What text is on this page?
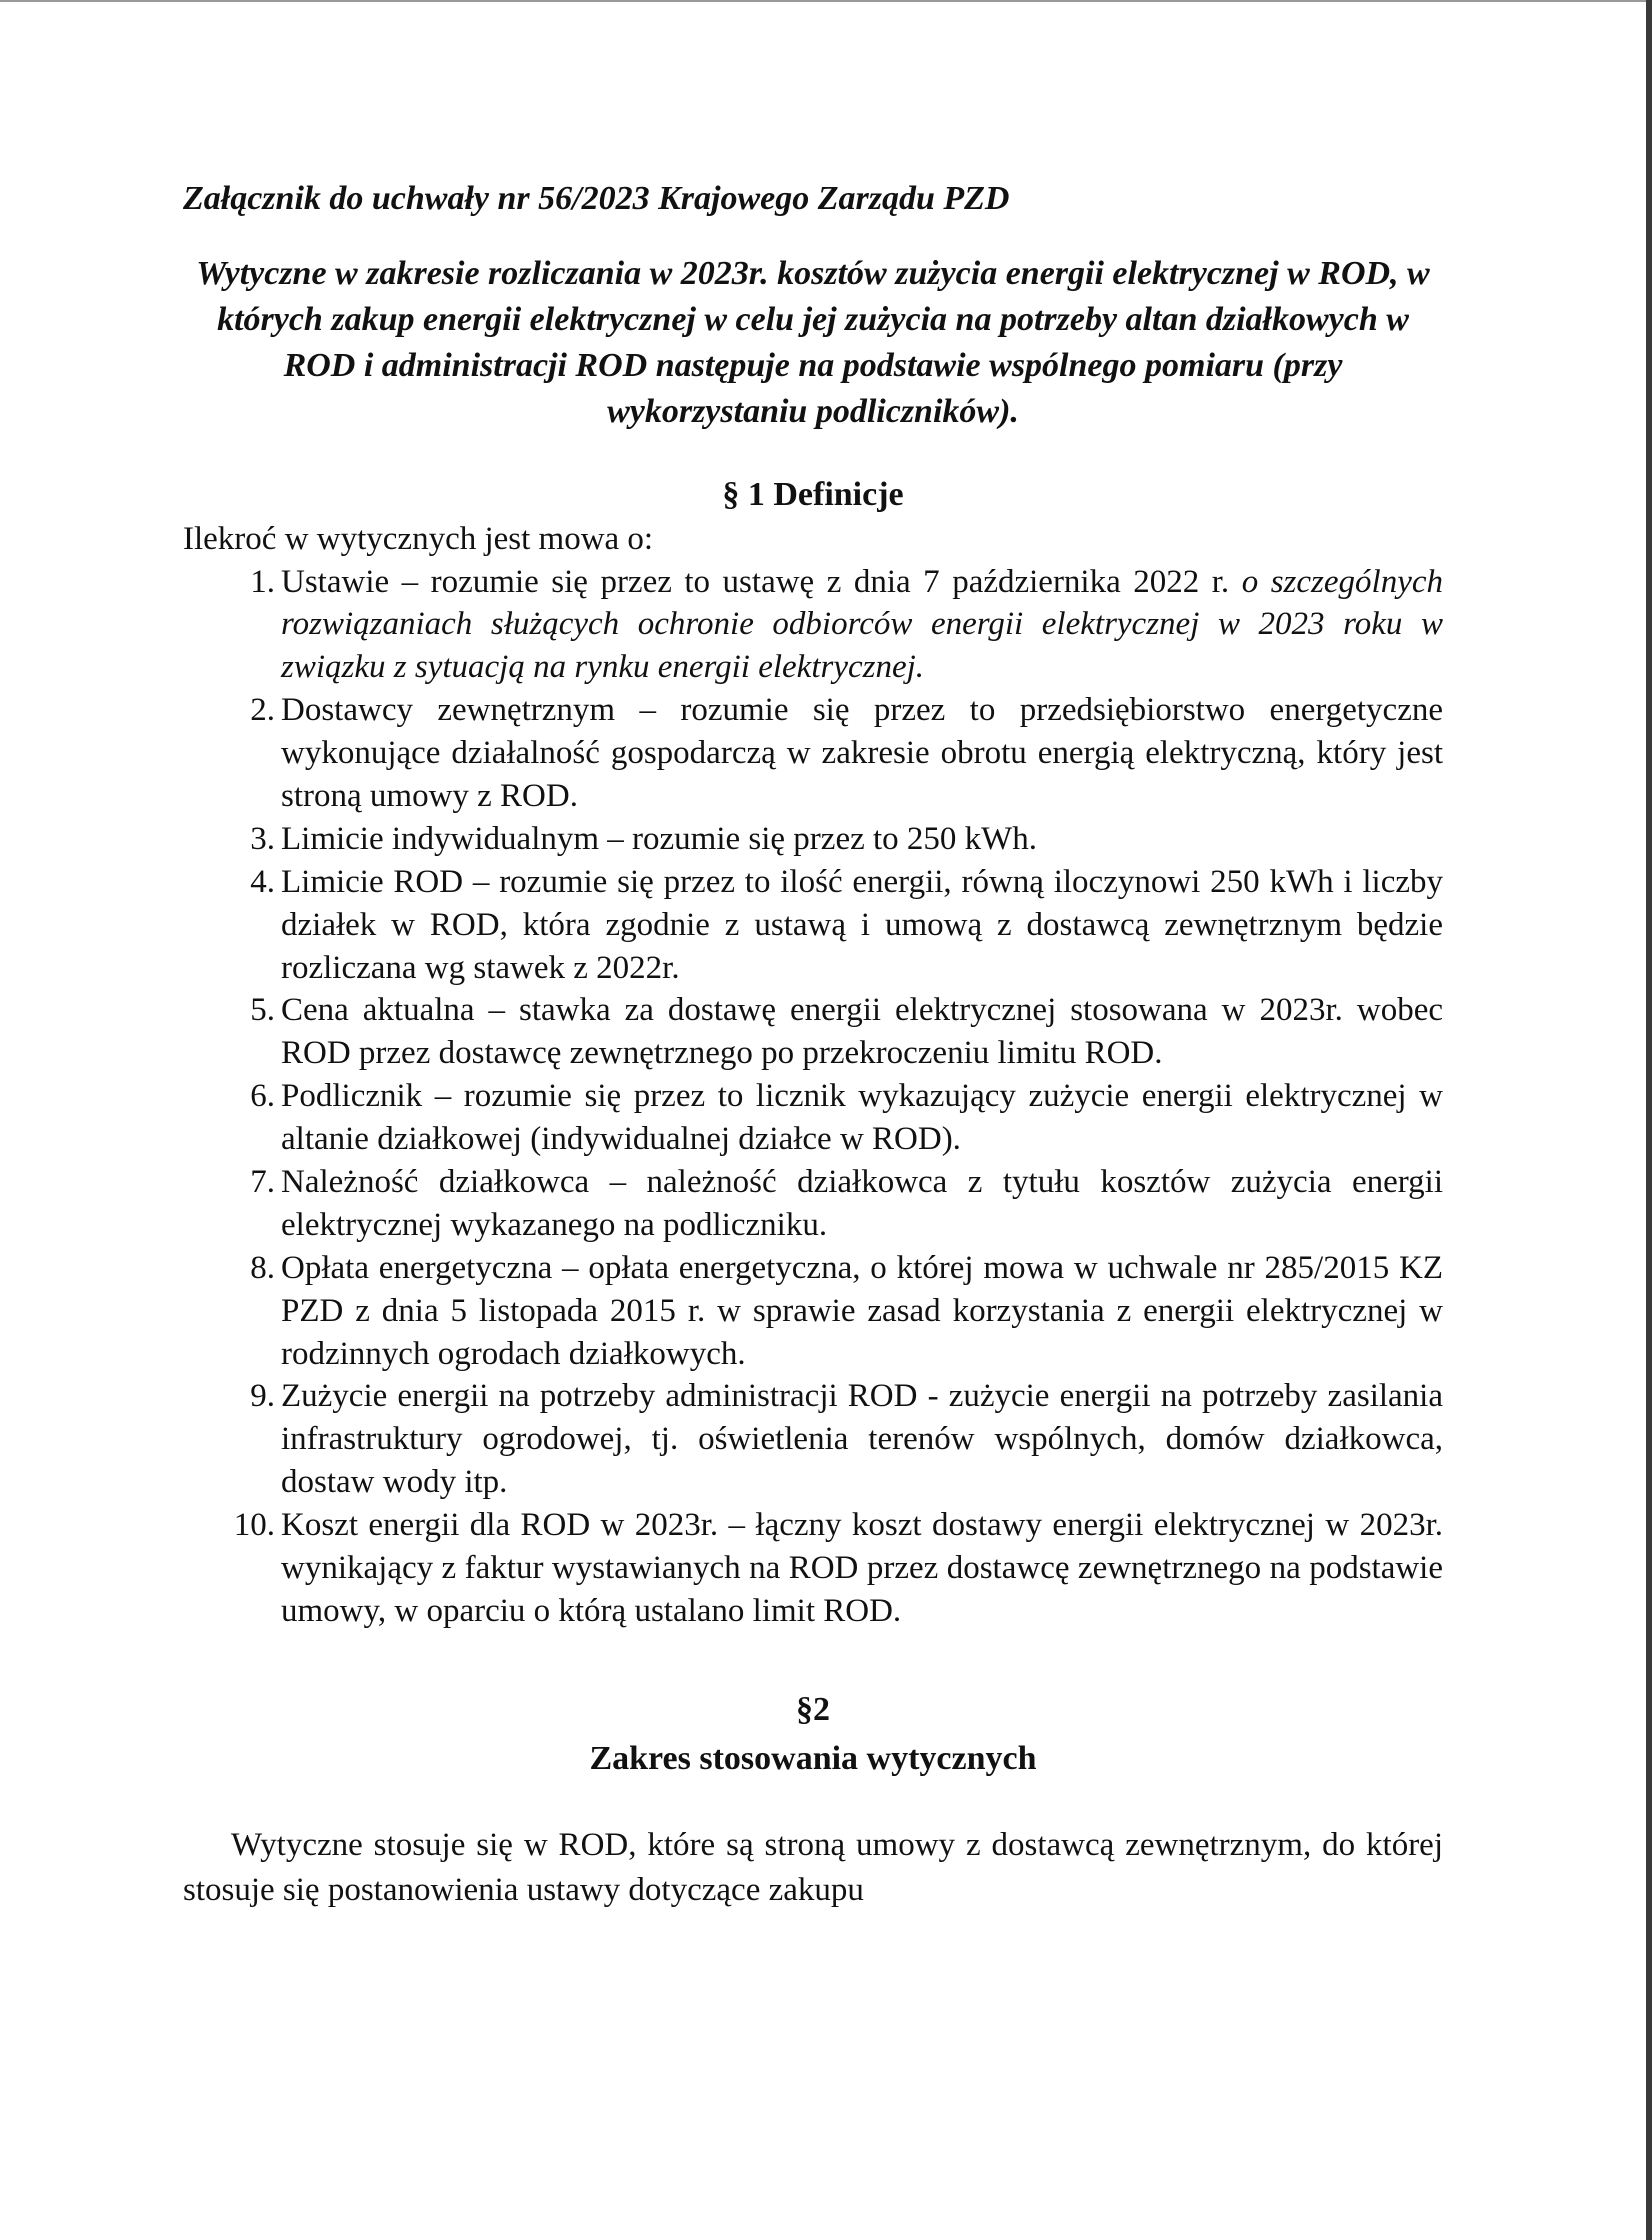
Załącznik do uchwały nr 56/2023 Krajowego Zarządu PZD

Wytyczne w zakresie rozliczania w 2023r. kosztów zużycia energii elektrycznej w ROD, w których zakup energii elektrycznej w celu jej zużycia na potrzeby altan działkowych w ROD i administracji ROD następuje na podstawie wspólnego pomiaru (przy wykorzystaniu podliczników).

§ 1 Definicje

Ilekroć w wytycznych jest mowa o:

1. Ustawie – rozumie się przez to ustawę z dnia 7 października 2022 r. o szczególnych rozwiązaniach służących ochronie odbiorców energii elektrycznej w 2023 roku w związku z sytuacją na rynku energii elektrycznej.
2. Dostawcy zewnętrznym – rozumie się przez to przedsiębiorstwo energetyczne wykonujące działalność gospodarczą w zakresie obrotu energią elektryczną, który jest stroną umowy z ROD.
3. Limicie indywidualnym – rozumie się przez to 250 kWh.
4. Limicie ROD – rozumie się przez to ilość energii, równą iloczynowi 250 kWh i liczby działek w ROD, która zgodnie z ustawą i umową z dostawcą zewnętrznym będzie rozliczana wg stawek z 2022r.
5. Cena aktualna – stawka za dostawę energii elektrycznej stosowana w 2023r. wobec ROD przez dostawcę zewnętrznego po przekroczeniu limitu ROD.
6. Podlicznik – rozumie się przez to licznik wykazujący zużycie energii elektrycznej w altanie działkowej (indywidualnej działce w ROD).
7. Należność działkowca – należność działkowca z tytułu kosztów zużycia energii elektrycznej wykazanego na podliczniku.
8. Opłata energetyczna – opłata energetyczna, o której mowa w uchwale nr 285/2015 KZ PZD z dnia 5 listopada 2015 r. w sprawie zasad korzystania z energii elektrycznej w rodzinnych ogrodach działkowych.
9. Zużycie energii na potrzeby administracji ROD - zużycie energii na potrzeby zasilania infrastruktury ogrodowej, tj. oświetlenia terenów wspólnych, domów działkowca, dostaw wody itp.
10. Koszt energii dla ROD w 2023r. – łączny koszt dostawy energii elektrycznej w 2023r. wynikający z faktur wystawianych na ROD przez dostawcę zewnętrznego na podstawie umowy, w oparciu o którą ustalano limit ROD.

§2

Zakres stosowania wytycznych

Wytyczne stosuje się w ROD, które są stroną umowy z dostawcą zewnętrznym, do której stosuje się postanowienia ustawy dotyczące zakupu
